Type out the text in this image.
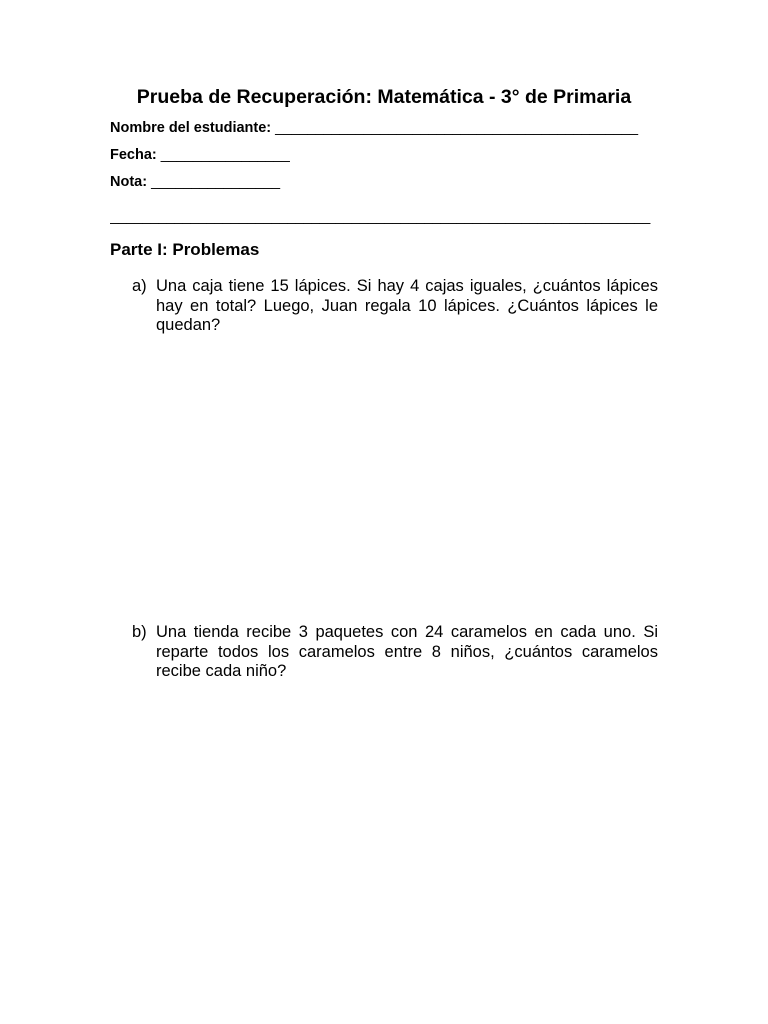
Prueba de Recuperación: Matemática - 3° de Primaria
Nombre del estudiante: _____________________________________________
Fecha: ________________
Nota: ________________
___________________________________________________________________
Parte I: Problemas
a) Una caja tiene 15 lápices. Si hay 4 cajas iguales, ¿cuántos lápices hay en total? Luego, Juan regala 10 lápices. ¿Cuántos lápices le quedan?
b) Una tienda recibe 3 paquetes con 24 caramelos en cada uno. Si reparte todos los caramelos entre 8 niños, ¿cuántos caramelos recibe cada niño?
